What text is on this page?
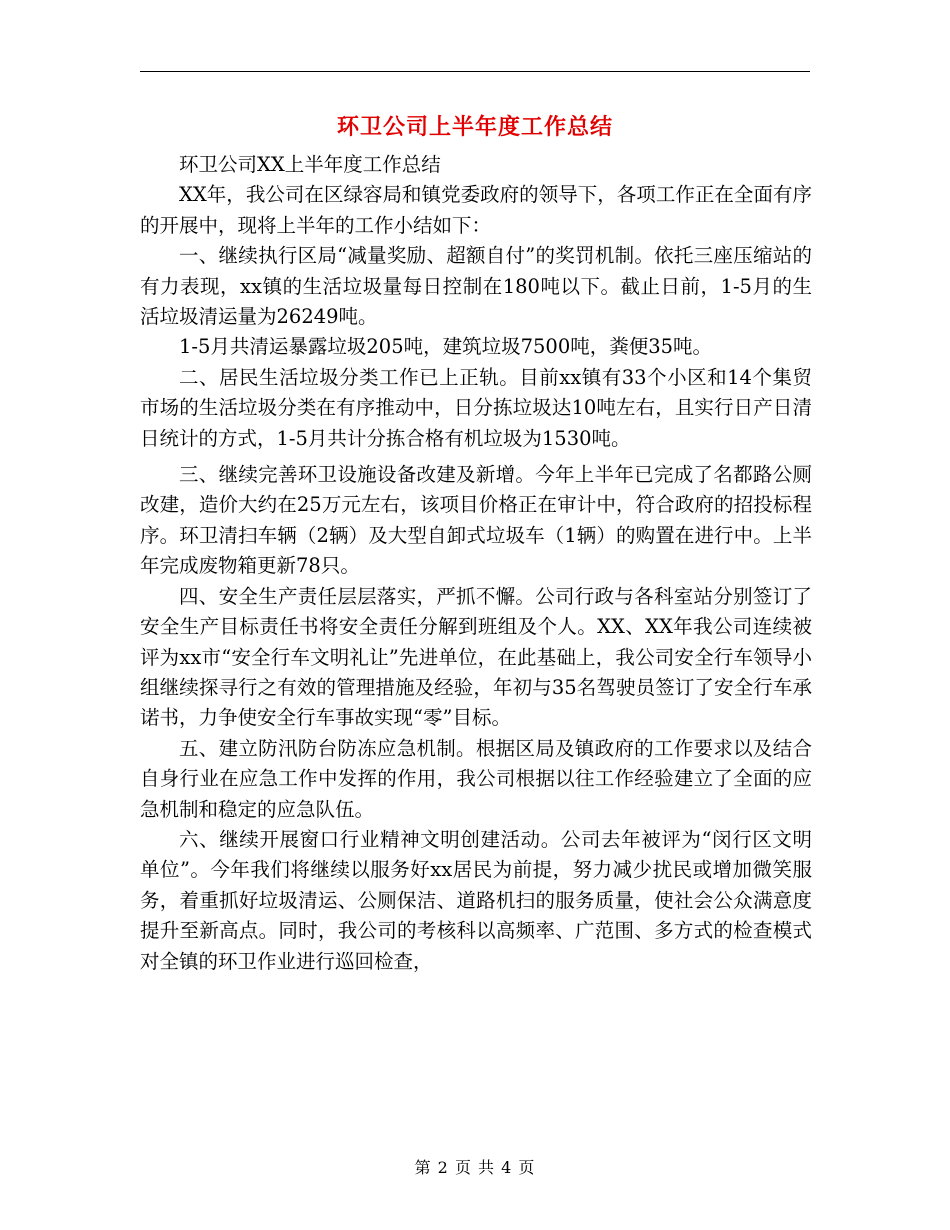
环卫公司上半年度工作总结

环卫公司XX上半年度工作总结

XX年，我公司在区绿容局和镇党委政府的领导下，各项工作正在全面有序的开展中，现将上半年的工作小结如下：

一、继续执行区局“减量奖励、超额自付”的奖罚机制。依托三座压缩站的有力表现，xx镇的生活垃圾量每日控制在180吨以下。截止日前，1-5月的生活垃圾清运量为26249吨。

1-5月共清运暴露垃圾205吨，建筑垃圾7500吨，粪便35吨。

二、居民生活垃圾分类工作已上正轨。目前xx镇有33个小区和14个集贸市场的生活垃圾分类在有序推动中，日分拣垃圾达10吨左右，且实行日产日清日统计的方式，1-5月共计分拣合格有机垃圾为1530吨。

三、继续完善环卫设施设备改建及新增。今年上半年已完成了名都路公厕改建，造价大约在25万元左右，该项目价格正在审计中，符合政府的招投标程序。环卫清扫车辆（2辆）及大型自卸式垃圾车（1辆）的购置在进行中。上半年完成废物箱更新78只。

四、安全生产责任层层落实，严抓不懈。公司行政与各科室站分别签订了安全生产目标责任书将安全责任分解到班组及个人。XX、XX年我公司连续被评为xx市“安全行车文明礼让”先进单位，在此基础上，我公司安全行车领导小组继续探寻行之有效的管理措施及经验，年初与35名驾驶员签订了安全行车承诺书，力争使安全行车事故实现“零”目标。

五、建立防汛防台防冻应急机制。根据区局及镇政府的工作要求以及结合自身行业在应急工作中发挥的作用，我公司根据以往工作经验建立了全面的应急机制和稳定的应急队伍。

六、继续开展窗口行业精神文明创建活动。公司去年被评为“闵行区文明单位”。今年我们将继续以服务好xx居民为前提，努力减少扰民或增加微笑服务，着重抓好垃圾清运、公厕保洁、道路机扫的服务质量，使社会公众满意度提升至新高点。同时，我公司的考核科以高频率、广范围、多方式的检查模式对全镇的环卫作业进行巡回检查，

第 2 页 共 4 页
